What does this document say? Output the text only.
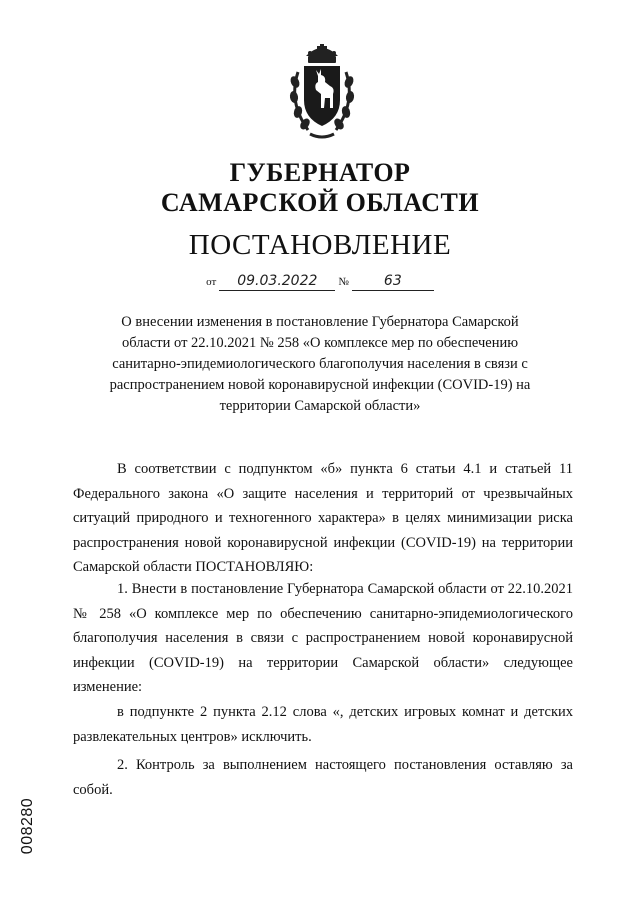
ГУБЕРНАТОР
САМАРСКОЙ ОБЛАСТИ
ПОСТАНОВЛЕНИЕ
от 09.03.2022 №	63
О внесении изменения в постановление Губернатора Самарской области от 22.10.2021 № 258 «О комплексе мер по обеспечению санитарно-эпидемиологического благополучия населения в связи с распространением новой коронавирусной инфекции (COVID-19) на территории Самарской области»

В соответствии с подпунктом «б» пункта 6 статьи 4.1 и статьей 11 Федерального закона «О защите населения и территорий от чрезвычайных ситуаций природного и техногенного характера» в целях минимизации риска распространения новой коронавирусной инфекции (COVID-19) на территории Самарской области ПОСТАНОВЛЯЮ:

1. Внести в постановление Губернатора Самарской области от 22.10.2021 № 258 «О комплексе мер по обеспечению санитарно-эпидемиологического благополучия населения в связи с распространением новой коронавирусной инфекции (COVID-19) на территории Самарской области» следующее изменение:

в подпункте 2 пункта 2.12 слова «, детских игровых комнат и детских развлекательных центров» исключить.

2. Контроль за выполнением настоящего постановления оставляю за собой.

008280
